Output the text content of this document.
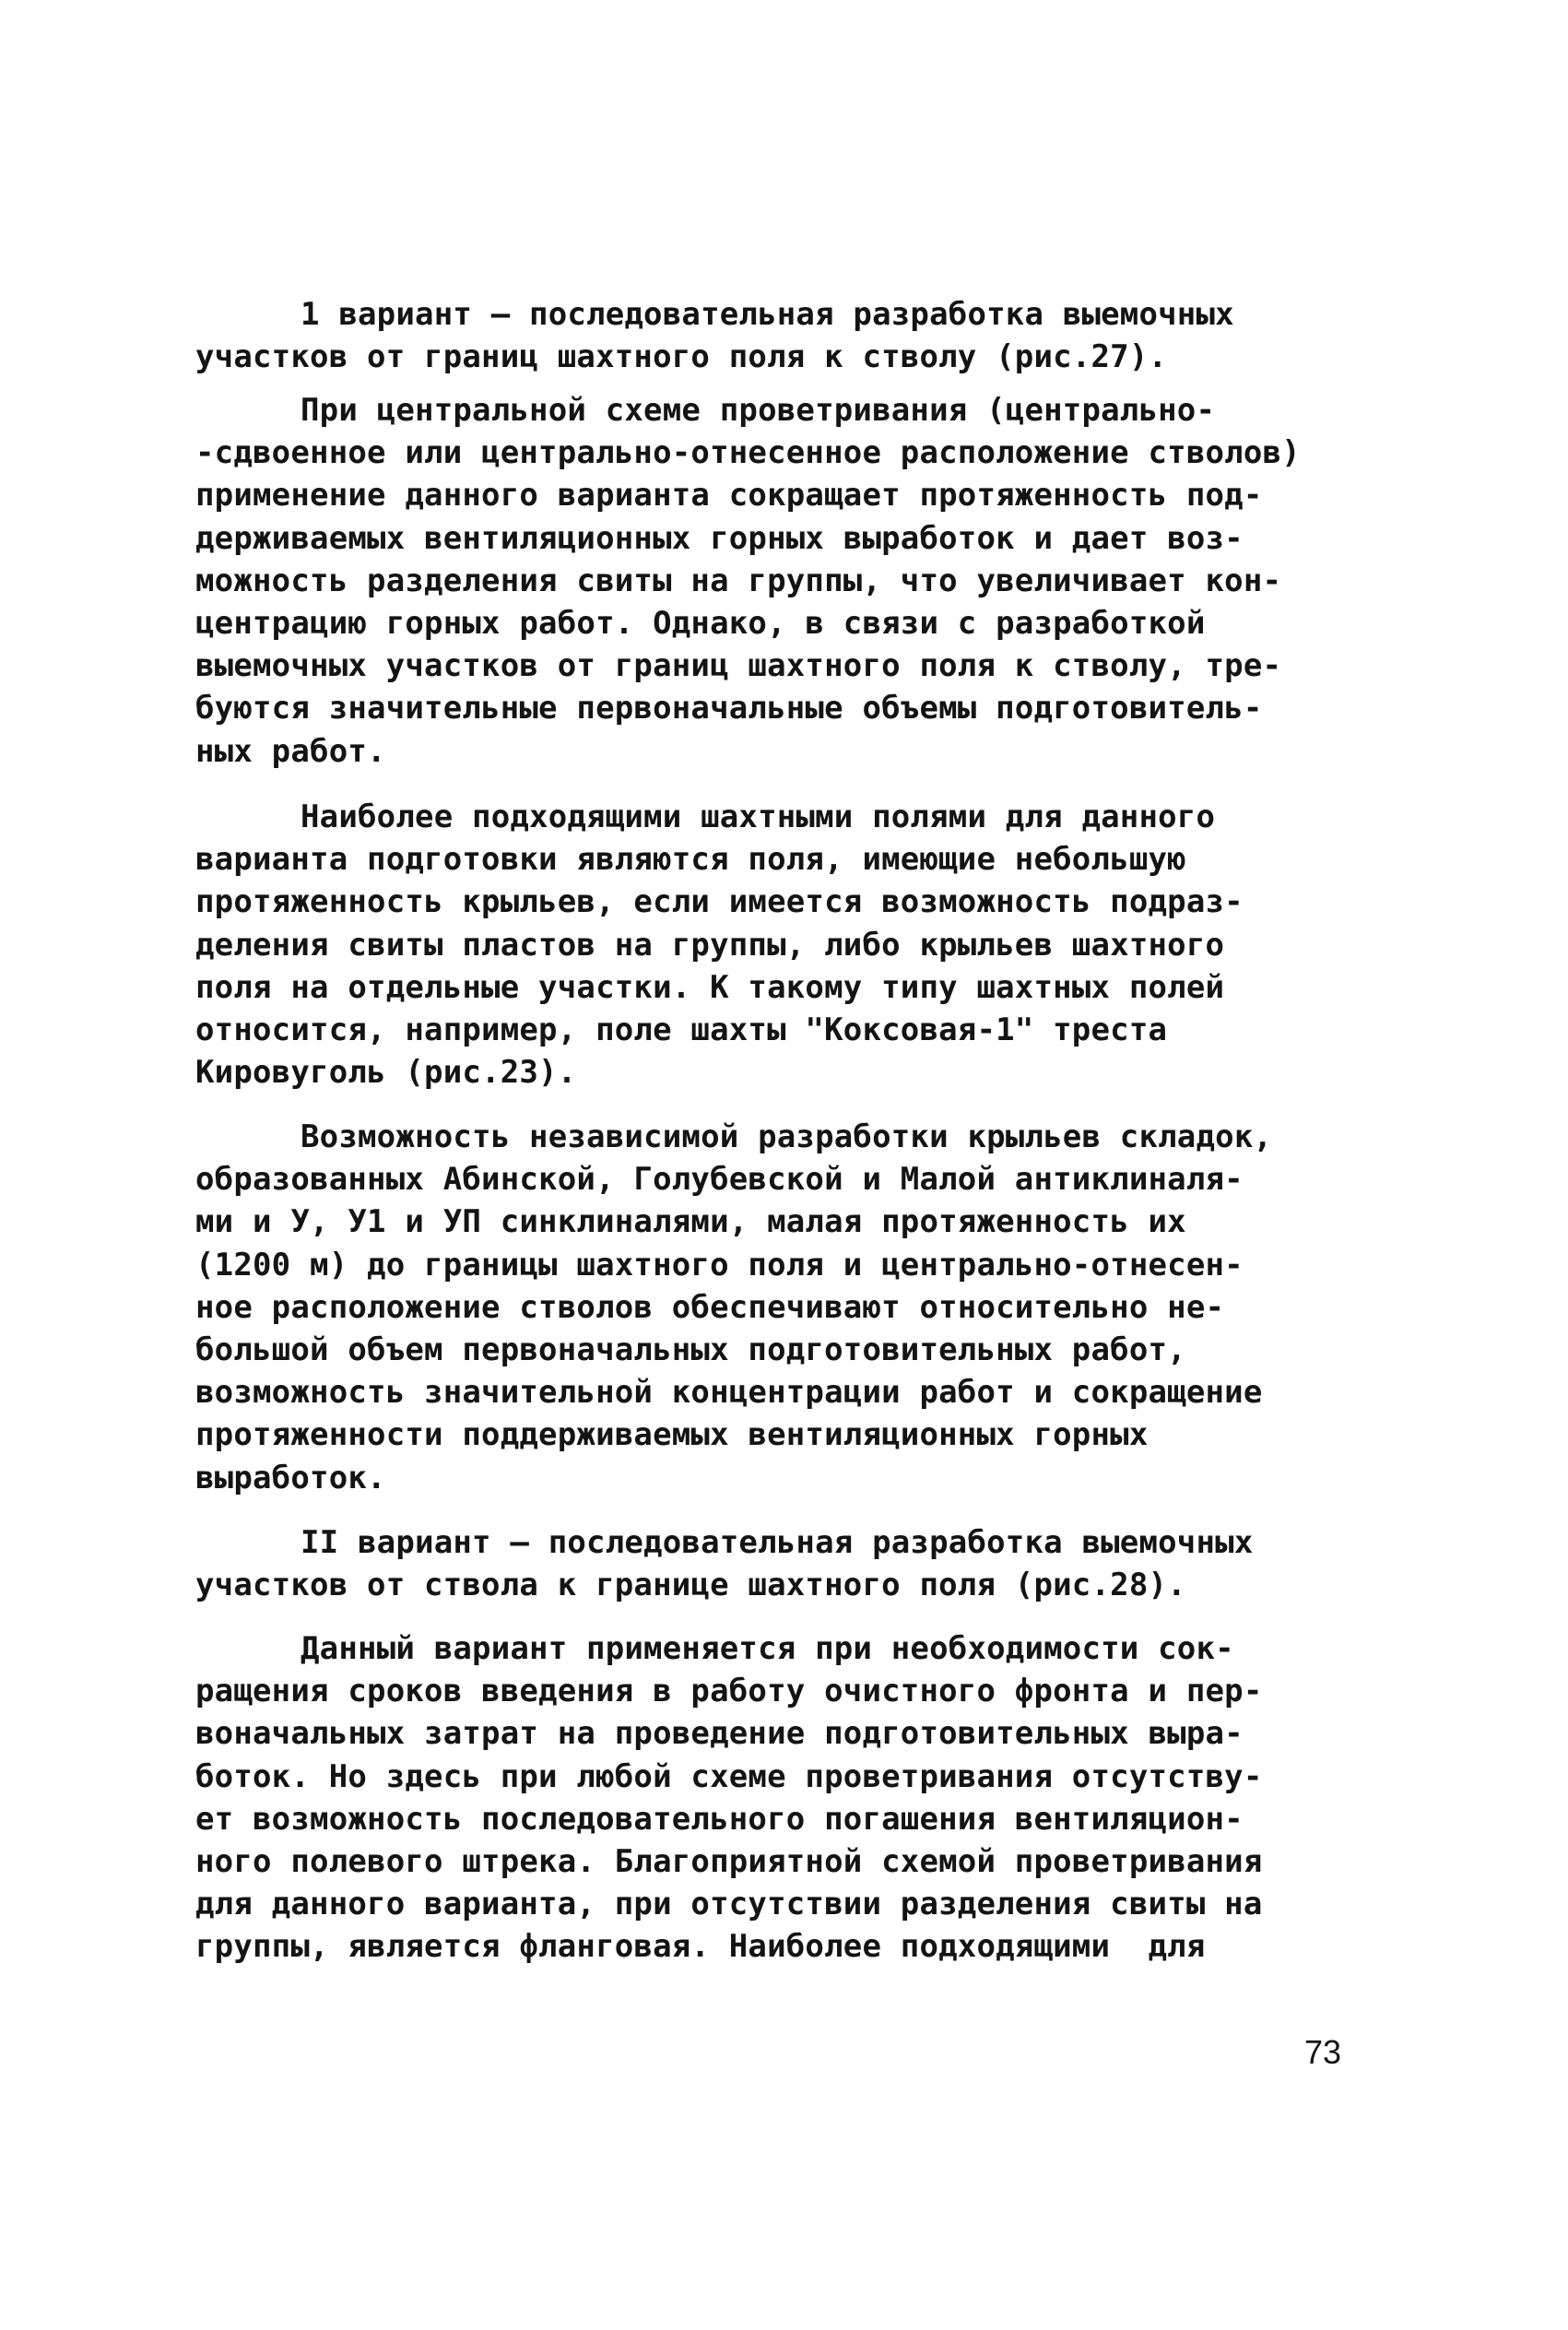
1 вариант – последовательная разработка выемочных
участков от границ шахтного поля к стволу (рис.27).
При центральной схеме проветривания (центрально-
-сдвоенное или центрально-отнесенное расположение стволов)
применение данного варианта сокращает протяженность под-
держиваемых вентиляционных горных выработок и дает воз-
можность разделения свиты на группы, что увеличивает кон-
центрацию горных работ. Однако, в связи с разработкой
выемочных участков от границ шахтного поля к стволу, тре-
буются значительные первоначальные объемы подготовитель-
ных работ.
Наиболее подходящими шахтными полями для данного
варианта подготовки являются поля, имеющие небольшую
протяженность крыльев, если имеется возможность подраз-
деления свиты пластов на группы, либо крыльев шахтного
поля на отдельные участки. К такому типу шахтных полей
относится, например, поле шахты "Коксовая-1" треста
Кировуголь (рис.23).
Возможность независимой разработки крыльев складок,
образованных Абинской, Голубевской и Малой антиклиналя-
ми и У, У1 и УП синклиналями, малая протяженность их
(1200 м) до границы шахтного поля и центрально-отнесен-
ное расположение стволов обеспечивают относительно не-
большой объем первоначальных подготовительных работ,
возможность значительной концентрации работ и сокращение
протяженности поддерживаемых вентиляционных горных
выработок.
II вариант – последовательная разработка выемочных
участков от ствола к границе шахтного поля (рис.28).
Данный вариант применяется при необходимости сок-
ращения сроков введения в работу очистного фронта и пер-
воначальных затрат на проведение подготовительных выра-
боток. Но здесь при любой схеме проветривания отсутству-
ет возможность последовательного погашения вентиляцион-
ного полевого штрека. Благоприятной схемой проветривания
для данного варианта, при отсутствии разделения свиты на
группы, является фланговая. Наиболее подходящими  для
73
